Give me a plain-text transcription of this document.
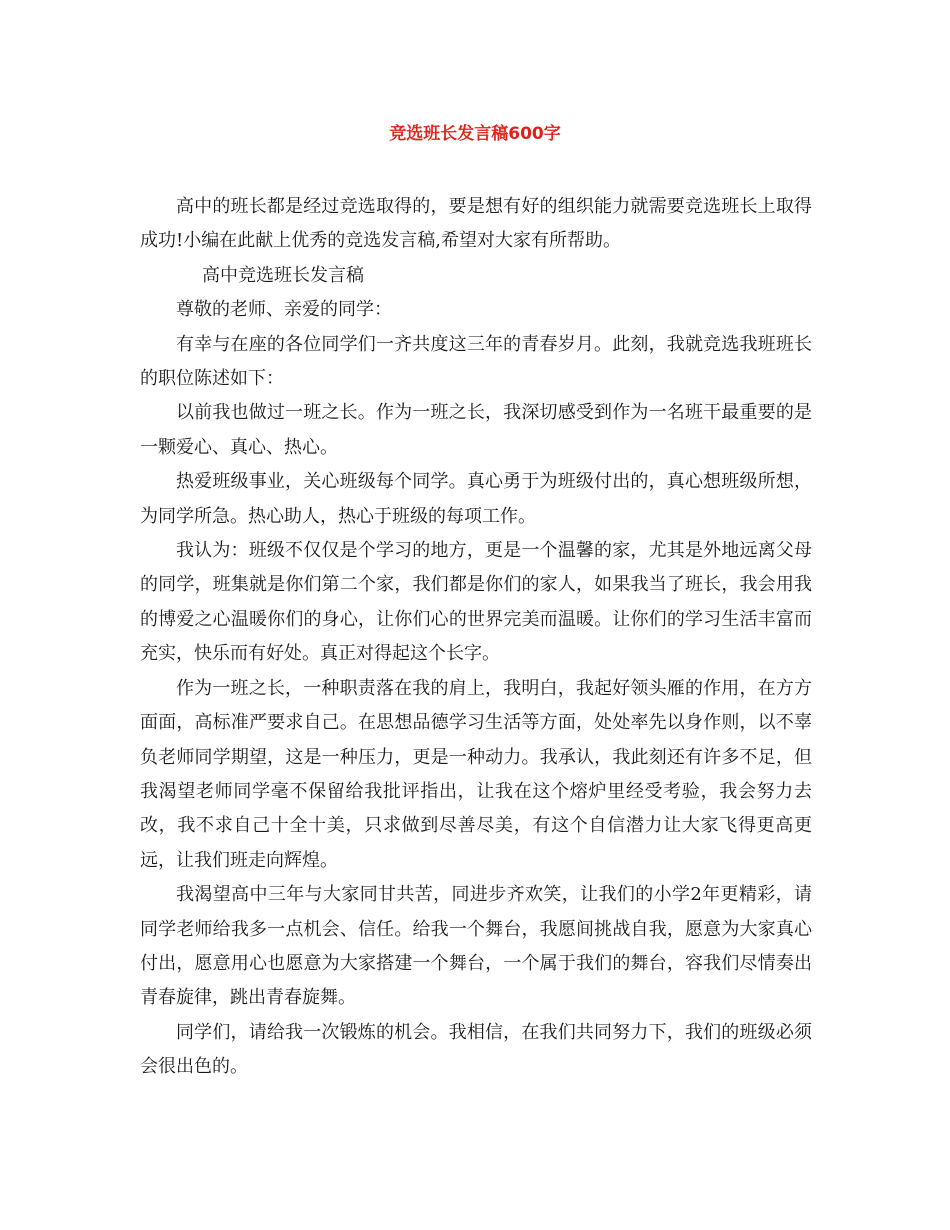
竞选班长发言稿600字

高中的班长都是经过竞选取得的，要是想有好的组织能力就需要竞选班长上取得成功!小编在此献上优秀的竞选发言稿,希望对大家有所帮助。

高中竞选班长发言稿

尊敬的老师、亲爱的同学：

有幸与在座的各位同学们一齐共度这三年的青春岁月。此刻，我就竞选我班班长的职位陈述如下：

以前我也做过一班之长。作为一班之长，我深切感受到作为一名班干最重要的是一颗爱心、真心、热心。

热爱班级事业，关心班级每个同学。真心勇于为班级付出的，真心想班级所想，为同学所急。热心助人，热心于班级的每项工作。

我认为：班级不仅仅是个学习的地方，更是一个温馨的家，尤其是外地远离父母的同学，班集就是你们第二个家，我们都是你们的家人，如果我当了班长，我会用我的博爱之心温暖你们的身心，让你们心的世界完美而温暖。让你们的学习生活丰富而充实，快乐而有好处。真正对得起这个长字。

作为一班之长，一种职责落在我的肩上，我明白，我起好领头雁的作用，在方方面面，高标准严要求自己。在思想品德学习生活等方面，处处率先以身作则，以不辜负老师同学期望，这是一种压力，更是一种动力。我承认，我此刻还有许多不足，但我渴望老师同学毫不保留给我批评指出，让我在这个熔炉里经受考验，我会努力去改，我不求自己十全十美，只求做到尽善尽美，有这个自信潜力让大家飞得更高更远，让我们班走向辉煌。

我渴望高中三年与大家同甘共苦，同进步齐欢笑，让我们的小学2年更精彩，请同学老师给我多一点机会、信任。给我一个舞台，我愿间挑战自我，愿意为大家真心付出，愿意用心也愿意为大家搭建一个舞台，一个属于我们的舞台，容我们尽情奏出青春旋律，跳出青春旋舞。

同学们，请给我一次锻炼的机会。我相信，在我们共同努力下，我们的班级必须会很出色的。
